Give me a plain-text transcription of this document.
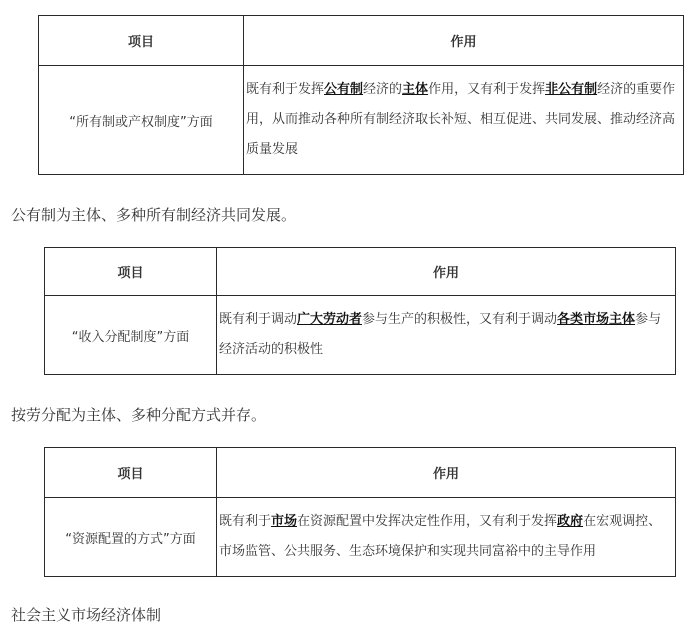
项目	作用
“所有制或产权制度”方面	既有利于发挥公有制经济的主体作用，又有利于发挥非公有制经济的重要作用，从而推动各种所有制经济取长补短、相互促进、共同发展、推动经济高质量发展
公有制为主体、多种所有制经济共同发展。
项目	作用
“收入分配制度”方面	既有利于调动广大劳动者参与生产的积极性，又有利于调动各类市场主体参与经济活动的积极性
按劳分配为主体、多种分配方式并存。
项目	作用
“资源配置的方式”方面	既有利于市场在资源配置中发挥决定性作用，又有利于发挥政府在宏观调控、市场监管、公共服务、生态环境保护和实现共同富裕中的主导作用
社会主义市场经济体制
